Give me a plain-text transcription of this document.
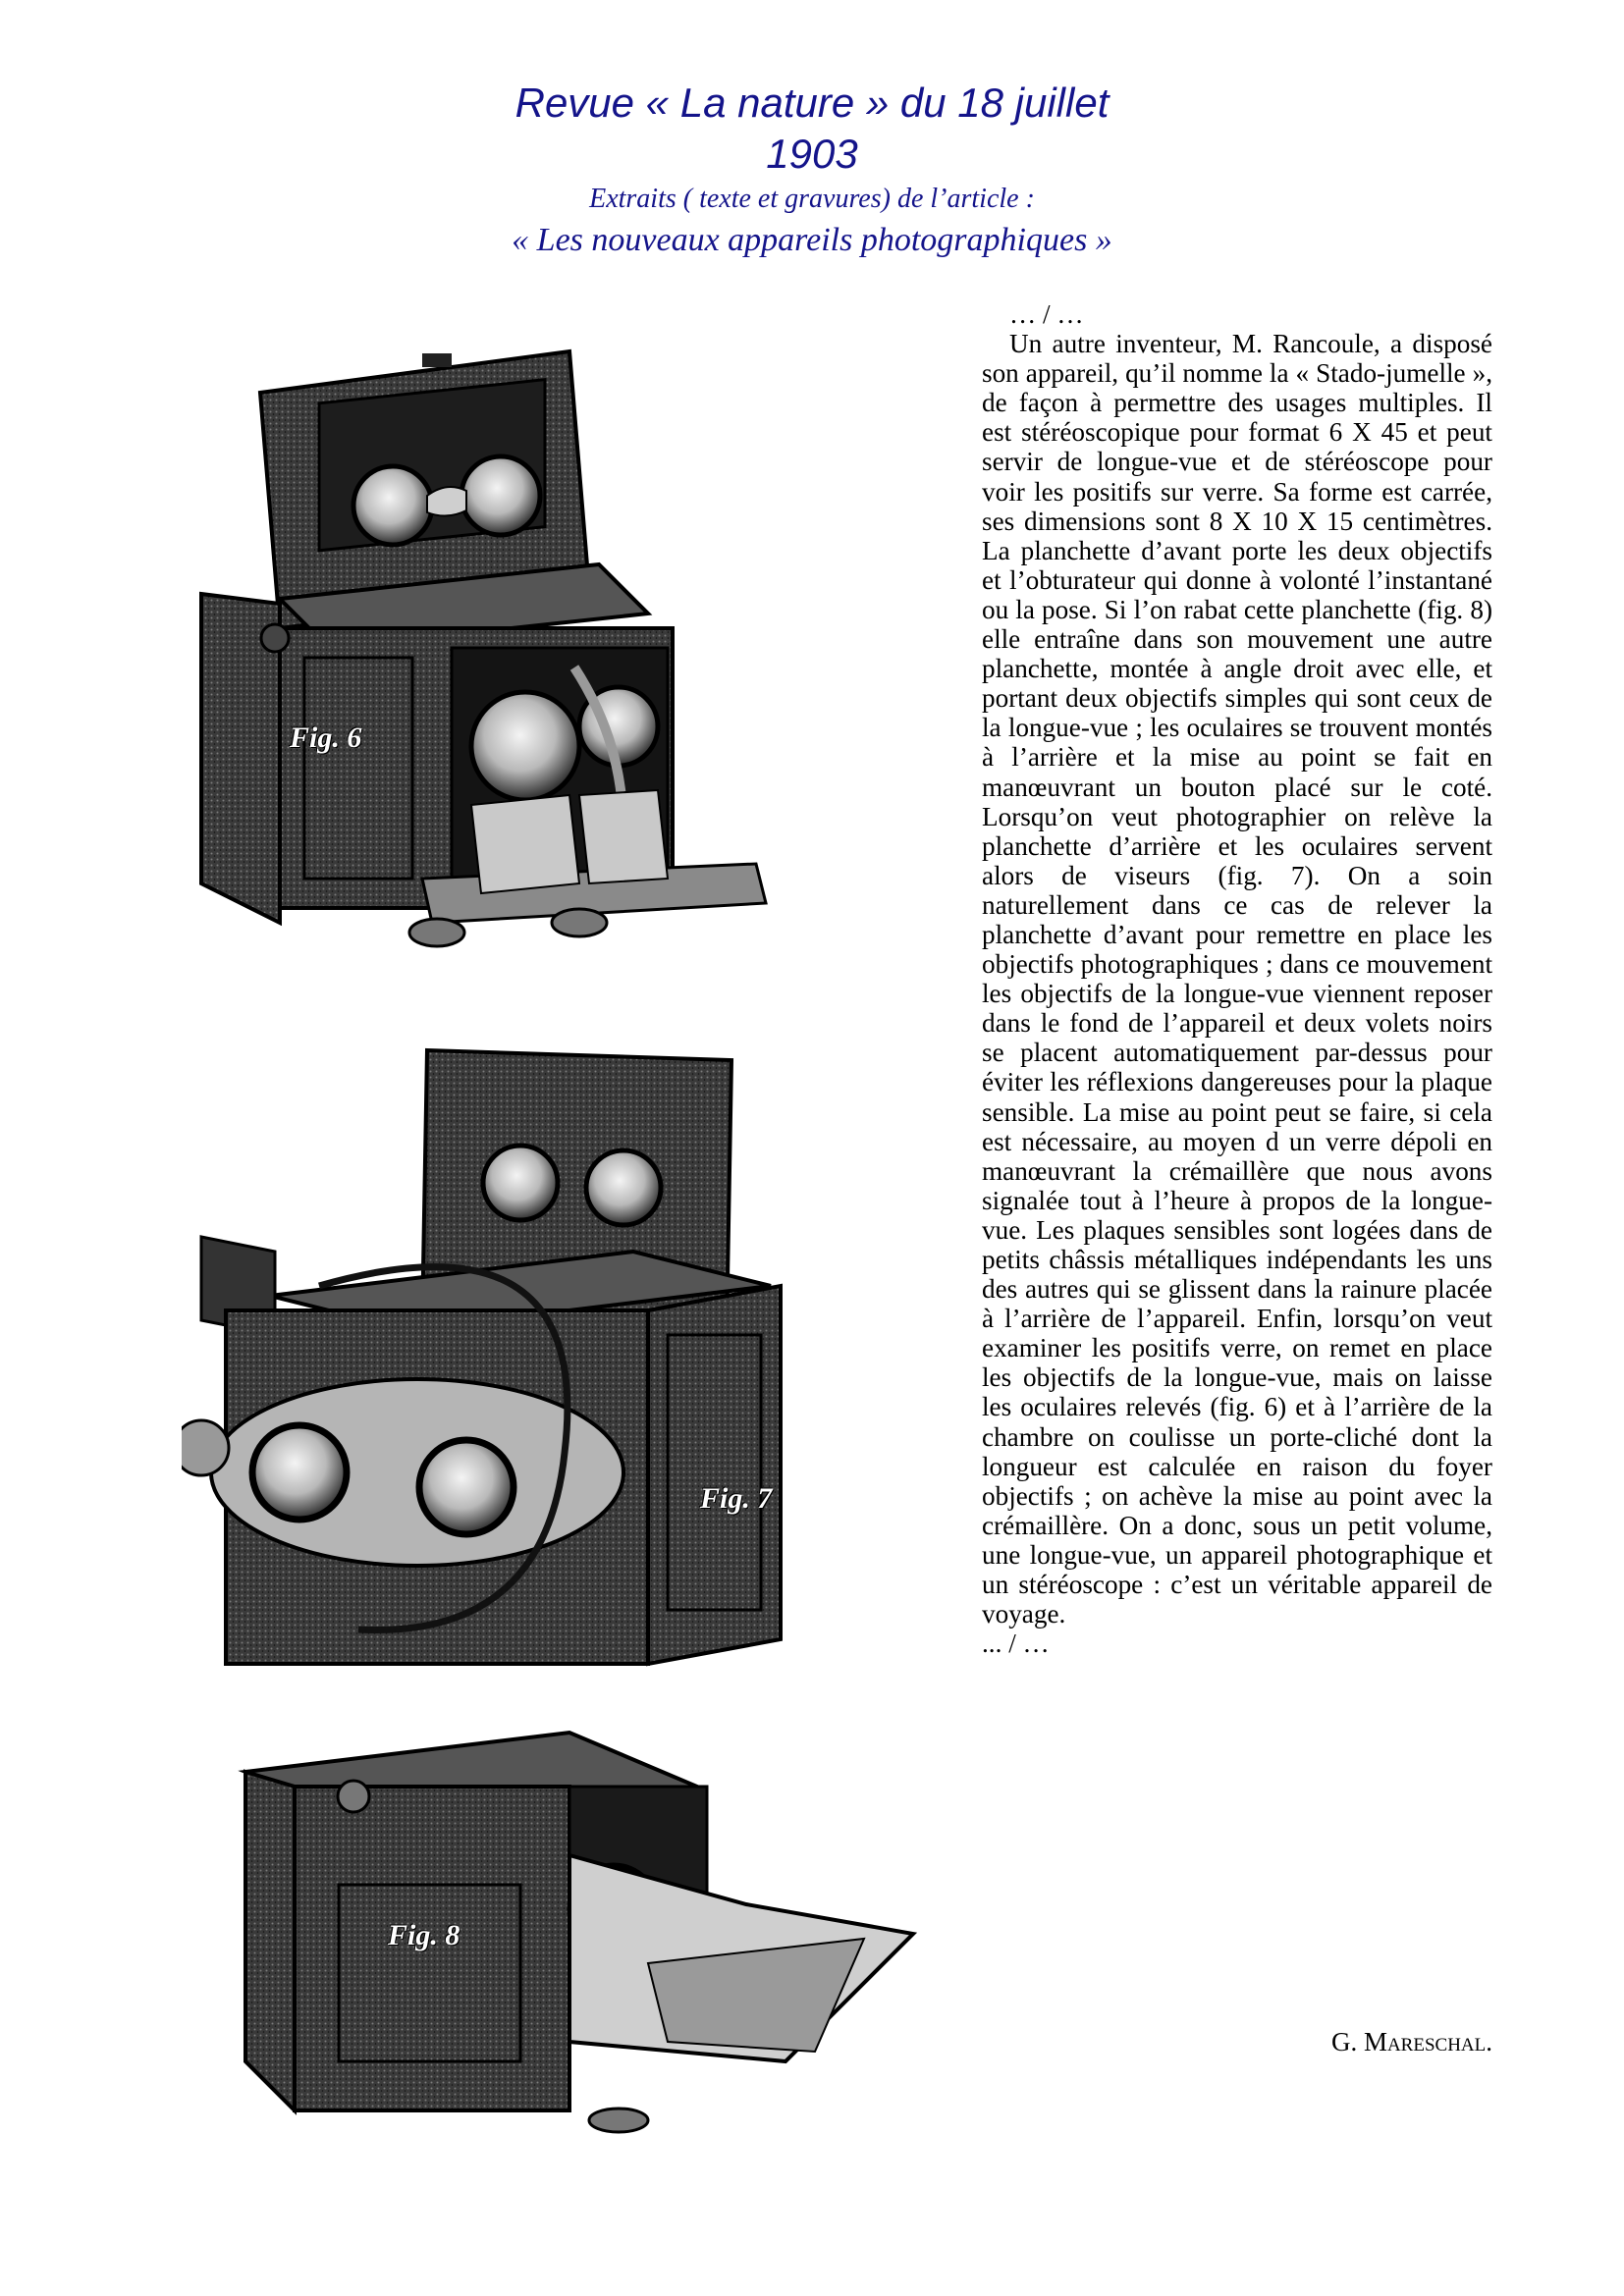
Revue « La nature » du 18 juillet
1903
Extraits ( texte et gravures) de l’article :
« Les nouveaux appareils photographiques »
Fig. 6
Fig. 7
Fig. 8

… / …

Un autre inventeur, M. Rancoule, a disposé son appareil, qu’il nomme la « Stado-jumelle », de façon à permettre des usages multiples. Il est stéréoscopique pour format 6 X 45 et peut servir de longue-vue et de stéréoscope pour voir les positifs sur verre. Sa forme est carrée, ses dimensions sont 8 X 10 X 15 centimètres. La planchette d’avant porte les deux objectifs et l’obturateur qui donne à volonté l’instantané ou la pose. Si l’on rabat cette planchette (fig. 8) elle entraîne dans son mouvement une autre planchette, montée à angle droit avec elle, et portant deux objectifs simples qui sont ceux de la longue-vue ; les oculaires se trouvent montés à l’arrière et la mise au point se fait en manœuvrant un bouton placé sur le coté. Lorsqu’on veut photographier on relève la planchette d’arrière et les oculaires servent alors de viseurs (fig. 7). On a soin naturellement dans ce cas de relever la planchette d’avant pour remettre en place les objectifs photographiques ; dans ce mouvement les objectifs de la longue-vue viennent reposer dans le fond de l’appareil et deux volets noirs se placent automatiquement par-dessus pour éviter les réflexions dangereuses pour la plaque sensible. La mise au point peut se faire, si cela est nécessaire, au moyen d un verre dépoli en manœuvrant la crémaillère que nous avons signalée tout à l’heure à propos de la longue-vue. Les plaques sensibles sont logées dans de petits châssis métalliques indépendants les uns des autres qui se glissent dans la rainure placée à l’arrière de l’appareil. Enfin, lorsqu’on veut examiner les positifs verre, on remet en place les objectifs de la longue-vue, mais on laisse les oculaires relevés (fig. 6) et à l’arrière de la chambre on coulisse un porte-cliché dont la longueur est calculée en raison du foyer objectifs ; on achève la mise au point avec la crémaillère. On a donc, sous un petit volume, une longue-vue, un appareil photographique et un stéréoscope : c’est un véritable appareil de voyage.

... / …

G. Mareschal.
